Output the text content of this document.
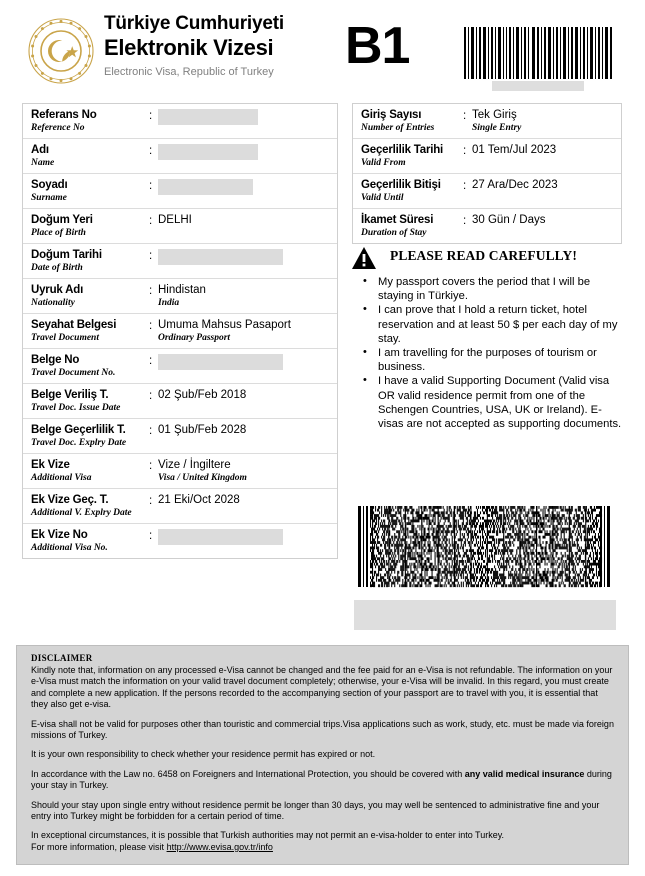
Türkiye Cumhuriyeti
Elektronik Vizesi
Electronic Visa, Republic of Turkey B1
Referans No
Reference No
:
Adı
Name
:
Soyadı
Surname
:
Doğum Yeri
Place of Birth
: DELHI
Doğum Tarihi
Date of Birth
:
Uyruk Adı
Nationality
: Hindistan
India
Seyahat Belgesi
Travel Document
: Umuma Mahsus Pasaport
Ordinary Passport
Belge No
Travel Document No.
:
Belge Veriliş T.
Travel Doc. Issue Date
: 02 Şub/Feb 2018
Belge Geçerlilik T.
Travel Doc. Explry Date
: 01 Şub/Feb 2028
Ek Vize
Additional Visa
: Vize / İngiltere
Visa / United Kingdom
Ek Vize Geç. T.
Additional V. Explry Date
: 21 Eki/Oct 2028
Ek Vize No
Additional Visa No.
:
Giriş Sayısı
Number of Entries
: Tek Giriş
Single Entry
Geçerlilik Tarihi
Valid From
: 01 Tem/Jul 2023
Geçerlilik Bitişi
Valid Until
: 27 Ara/Dec 2023
İkamet Süresi
Duration of Stay
: 30 Gün / Days
PLEASE READ CAREFULLY!
• My passport covers the period that I will be staying in Türkiye.
• I can prove that I hold a return ticket, hotel reservation and at least 50 $ per each day of my stay.
• I am travelling for the purposes of tourism or business.
• I have a valid Supporting Document (Valid visa OR valid residence permit from one of the Schengen Countries, USA, UK or Ireland). E-visas are not accepted as supporting documents.
DISCLAIMER

Kindly note that, information on any processed e-Visa cannot be changed and the fee paid for an e-Visa is not refundable. The information on your e-Visa must match the information on your valid travel document completely; otherwise, your e-Visa will be invalid. In this regard, you must create and complete a new application. If the persons recorded to the accompanying section of your passport are to travel with you, it is essential that they also get e-visa.

E-visa shall not be valid for purposes other than touristic and commercial trips.Visa applications such as work, study, etc. must be made via foreign missions of Turkey.

It is your own responsibility to check whether your residence permit has expired or not.

In accordance with the Law no. 6458 on Foreigners and International Protection, you should be covered with any valid medical insurance during your stay in Turkey.

Should your stay upon single entry without residence permit be longer than 30 days, you may well be sentenced to administrative fine and your entry into Turkey might be forbidden for a certain period of time.

In exceptional circumstances, it is possible that Turkish authorities may not permit an e-visa-holder to enter into Turkey.
For more information, please visit http://www.evisa.gov.tr/info
